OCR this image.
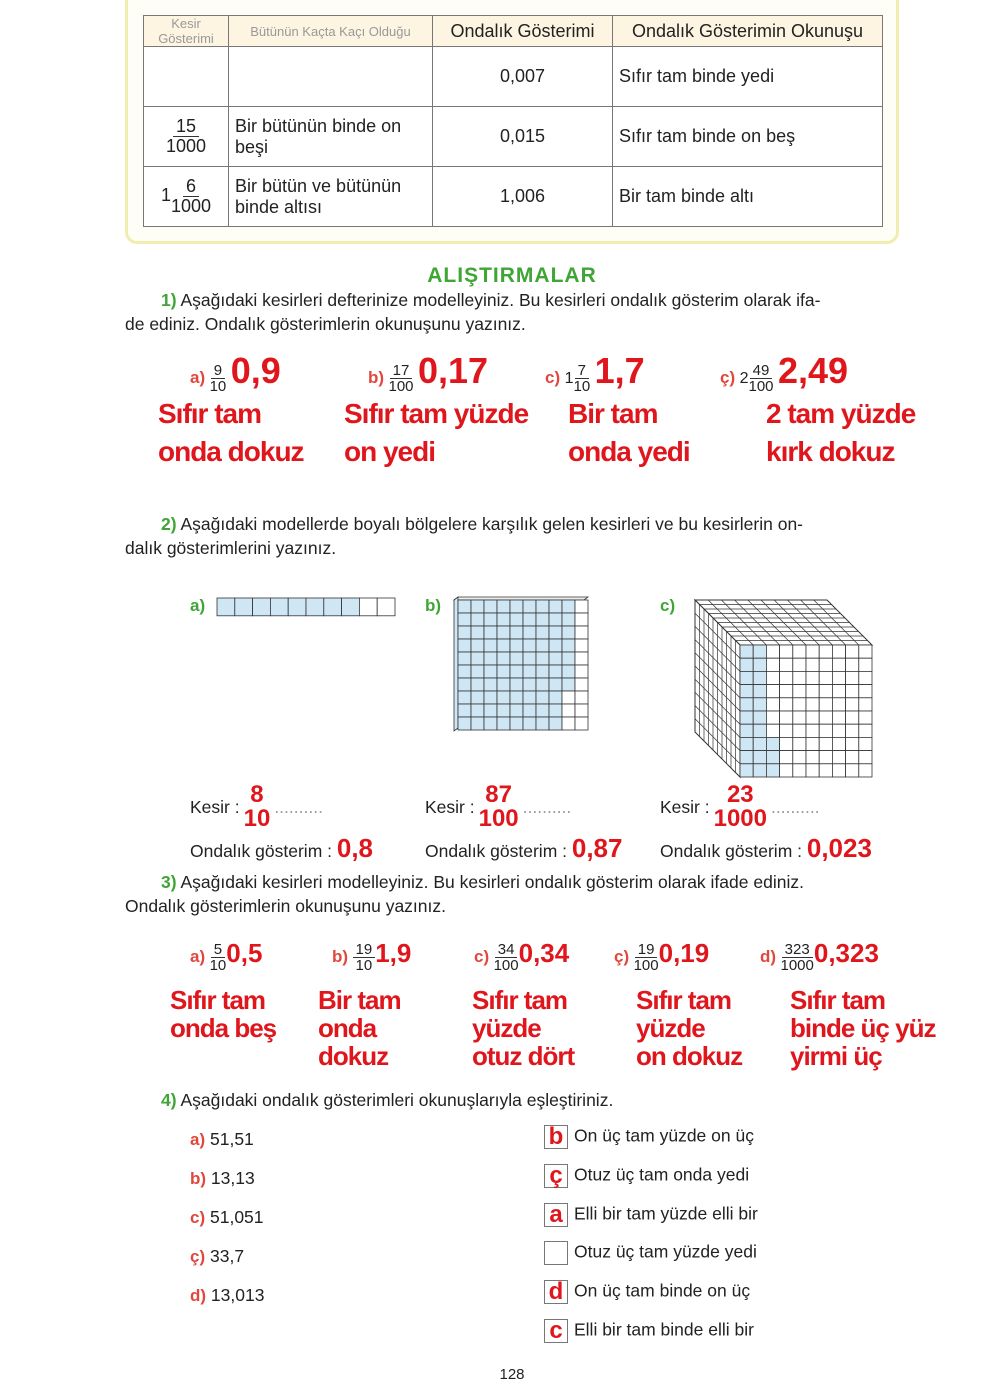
Kesir Gösterimi	Bütünün Kaçta Kaçı Olduğu	Ondalık Gösterimi	Ondalık Gösterimin Okunuşu
		0,007	Sıfır tam binde yedi

$\frac{15}{1000}$	Bir bütünün binde on beşi	0,015	Sıfır tam binde on beş
$1 \frac{6}{1000}$	Bir bütün ve bütünün binde altısı	1,006	Bir tam binde altı
ALIŞTIRMALAR
1) Aşağıdaki kesirleri defterinize modelleyiniz. Bu kesirleri ondalık gösterim olarak ifa-
de ediniz. Ondalık gösterimlerin okunuşunu yazınız.
$a) \frac{9}{10} 0,9$
Sıfır tam
onda dokuz
$b) \frac{17}{100} 0,17$
Sıfır tam yüzde
on yedi
c) $1 \frac{7}{10} 1,7$
Bir tam
onda yedi
ç) $2 \frac{49}{100} 2,49$
2 tam yüzde
kırk dokuz
2) Aşağıdaki modellerde boyalı bölgelere karşılık gelen kesirleri ve bu kesirlerin on-
dalık gösterimlerini yazınız.
a)
Kesir : 8
10 ..........
Ondalık gösterim : 0,8
b)
Kesir : 87
100 ..........
Ondalık gösterim : 0,87
c)
Kesir : 23
1000 ..........
Ondalık gösterim : 0,023
3) Aşağıdaki kesirleri modelleyiniz. Bu kesirleri ondalık gösterim olarak ifade ediniz.
Ondalık gösterimlerin okunuşunu yazınız.
$a) \frac{5}{10} 0,5$
Sıfır tam
onda beş
$b) \frac{19}{10} 1,9$
Bir tam
onda
dokuz
$c) \frac{34}{100} 0,34$
Sıfır tam
yüzde
otuz dört
ç) $\frac{19}{100} 0,19$
Sıfır tam
yüzde
on dokuz
$d) \frac{323}{1000} 0,323$
Sıfır tam
binde üç yüz
yirmi üç
4) Aşağıdaki ondalık gösterimleri okunuşlarıyla eşleştiriniz.
a) 51,51
b) 13,13
c) 51,051
ç) 33,7
d) 13,013
b On üç tam yüzde on üç
ç Otuz üç tam onda yedi
a Elli bir tam yüzde elli bir
Otuz üç tam yüzde yedi
d On üç tam binde on üç
c Elli bir tam binde elli bir
128
